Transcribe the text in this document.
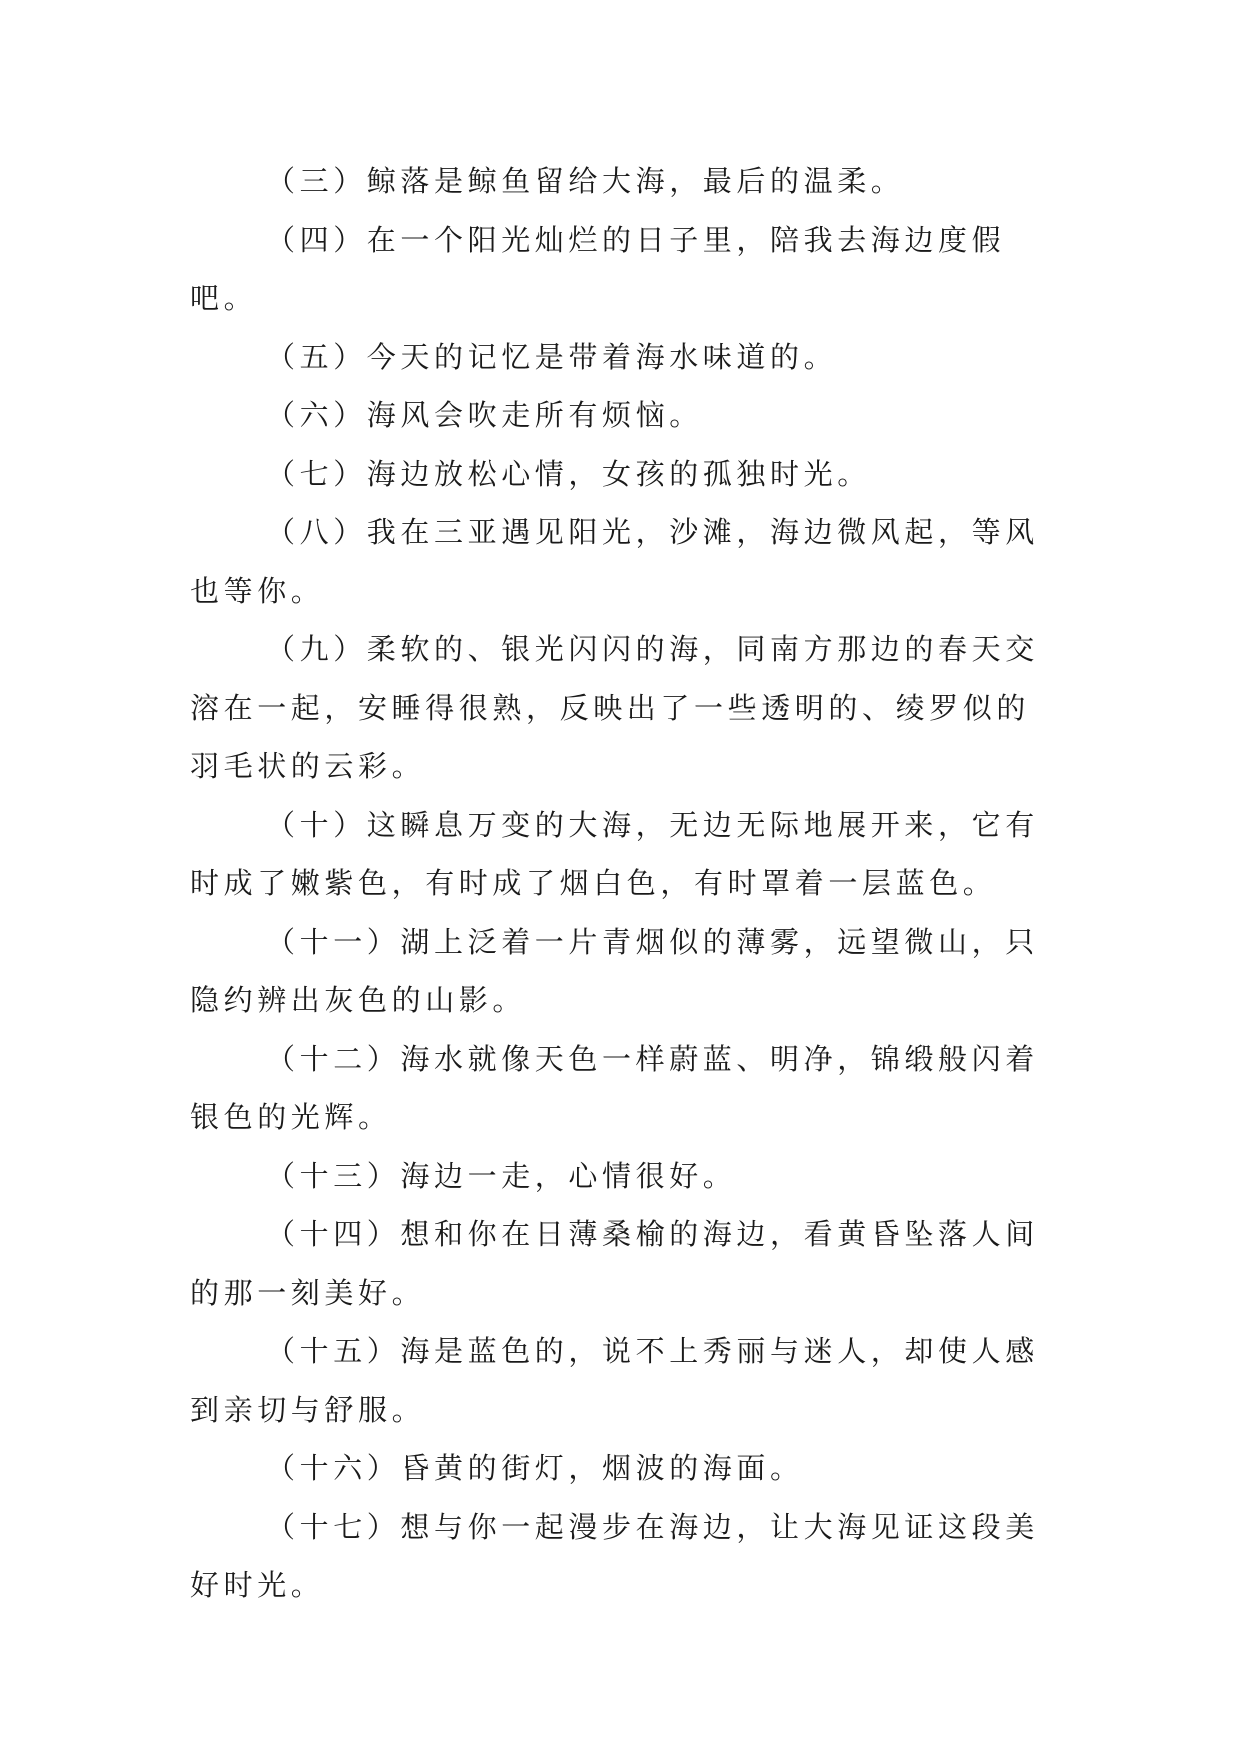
（三）鲸落是鲸鱼留给大海，最后的温柔。

（四）在一个阳光灿烂的日子里，陪我去海边度假吧。

（五）今天的记忆是带着海水味道的。

（六）海风会吹走所有烦恼。

（七）海边放松心情，女孩的孤独时光。

（八）我在三亚遇见阳光，沙滩，海边微风起，等风也等你。

（九）柔软的、银光闪闪的海，同南方那边的春天交溶在一起，安睡得很熟，反映出了一些透明的、绫罗似的羽毛状的云彩。

（十）这瞬息万变的大海，无边无际地展开来，它有时成了嫩紫色，有时成了烟白色，有时罩着一层蓝色。

（十一）湖上泛着一片青烟似的薄雾，远望微山，只隐约辨出灰色的山影。

（十二）海水就像天色一样蔚蓝、明净，锦缎般闪着银色的光辉。

（十三）海边一走，心情很好。

（十四）想和你在日薄桑榆的海边，看黄昏坠落人间的那一刻美好。

（十五）海是蓝色的，说不上秀丽与迷人，却使人感到亲切与舒服。

（十六）昏黄的街灯，烟波的海面。

（十七）想与你一起漫步在海边，让大海见证这段美好时光。
